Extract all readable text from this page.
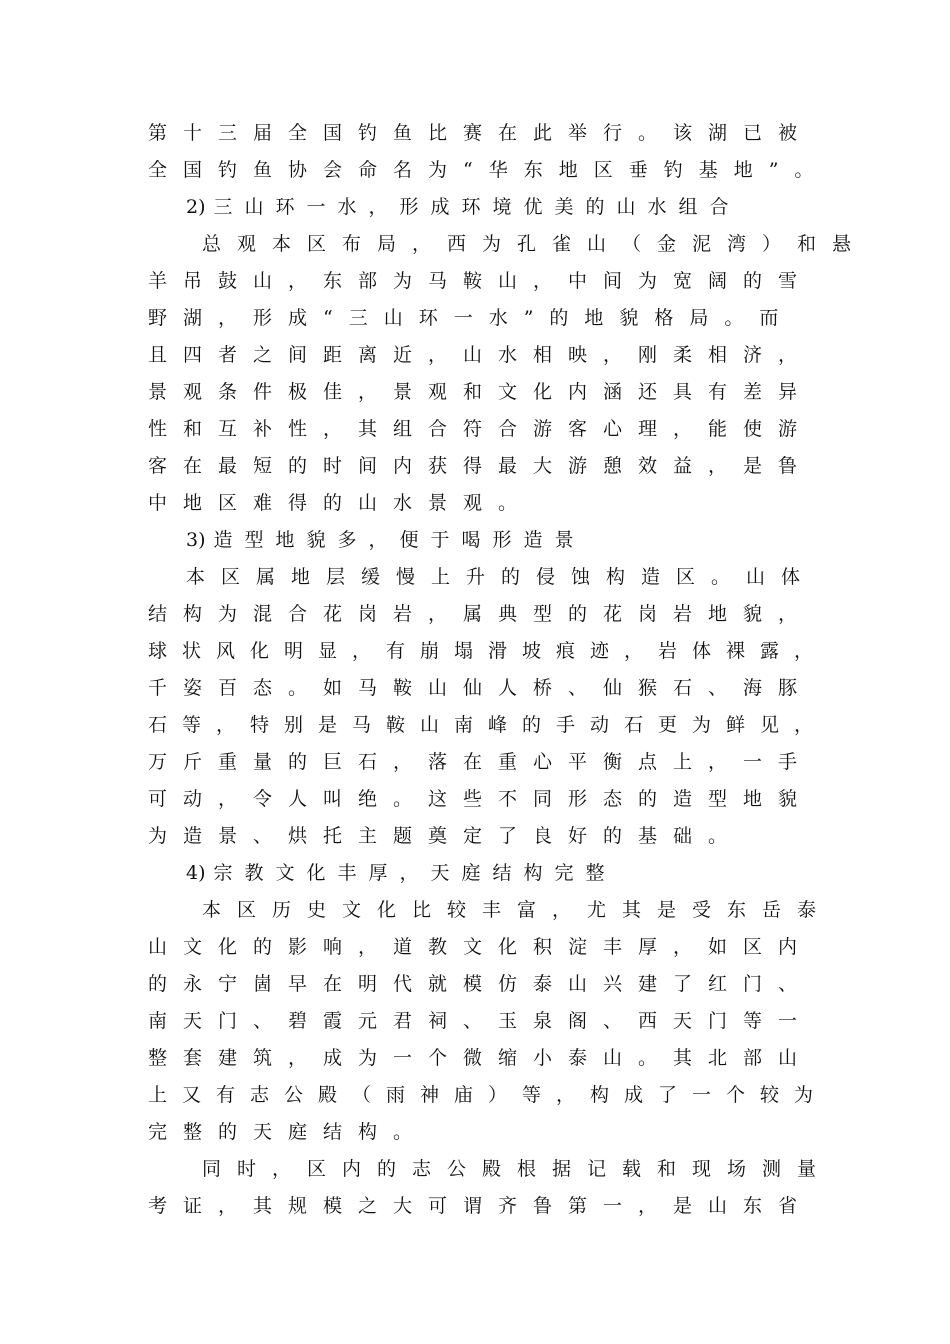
第十三届全国钓鱼比赛在此举行。该湖已被
全国钓鱼协会命名为“华东地区垂钓基地”。
2) 三山环一水，形成环境优美的山水组合
总观本区布局，西为孔雀山（金泥湾）和悬
羊吊鼓山，东部为马鞍山，中间为宽阔的雪
野湖，形成“三山环一水”的地貌格局。而
且四者之间距离近，山水相映，刚柔相济，
景观条件极佳，景观和文化内涵还具有差异
性和互补性，其组合符合游客心理，能使游
客在最短的时间内获得最大游憩效益，是鲁
中地区难得的山水景观。
3) 造型地貌多，便于喝形造景
本区属地层缓慢上升的侵蚀构造区。山体
结构为混合花岗岩，属典型的花岗岩地貌，
球状风化明显，有崩塌滑坡痕迹，岩体裸露，
千姿百态。如马鞍山仙人桥、仙猴石、海豚
石等，特别是马鞍山南峰的手动石更为鲜见，
万斤重量的巨石，落在重心平衡点上，一手
可动，令人叫绝。这些不同形态的造型地貌
为造景、烘托主题奠定了良好的基础。
4) 宗教文化丰厚，天庭结构完整
本区历史文化比较丰富，尤其是受东岳泰
山文化的影响，道教文化积淀丰厚，如区内
的永宁崮早在明代就模仿泰山兴建了红门、
南天门、碧霞元君祠、玉泉阁、西天门等一
整套建筑，成为一个微缩小泰山。其北部山
上又有志公殿（雨神庙）等，构成了一个较为
完整的天庭结构。
同时，区内的志公殿根据记载和现场测量
考证，其规模之大可谓齐鲁第一，是山东省
